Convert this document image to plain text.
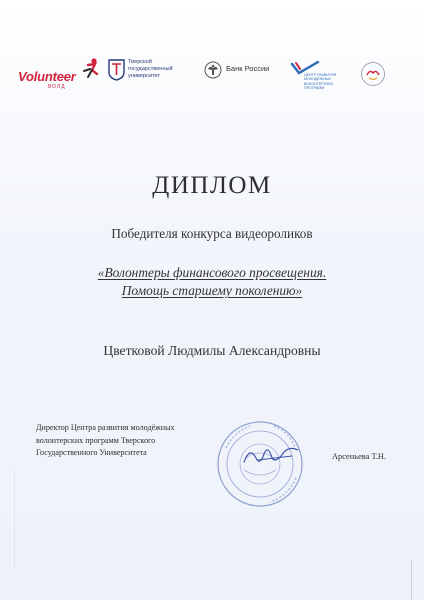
Volunteer
ВОЛД
Тверской
государственный
университет
Банк России
ЦЕНТР РАЗВИТИЯ
МОЛОДЁЖНЫХ ВОЛОНТЁРСКИХ
ПРОГРАММ
ДИПЛОМ
Победителя конкурса видеороликов
«Волонтеры финансового просвещения.
Помощь старшему поколению»
Цветковой Людмилы Александровны
Директор Центра развития молодёжных
волонтерских программ Тверского
Государственного Университета	Арсеньева Т.Н.
